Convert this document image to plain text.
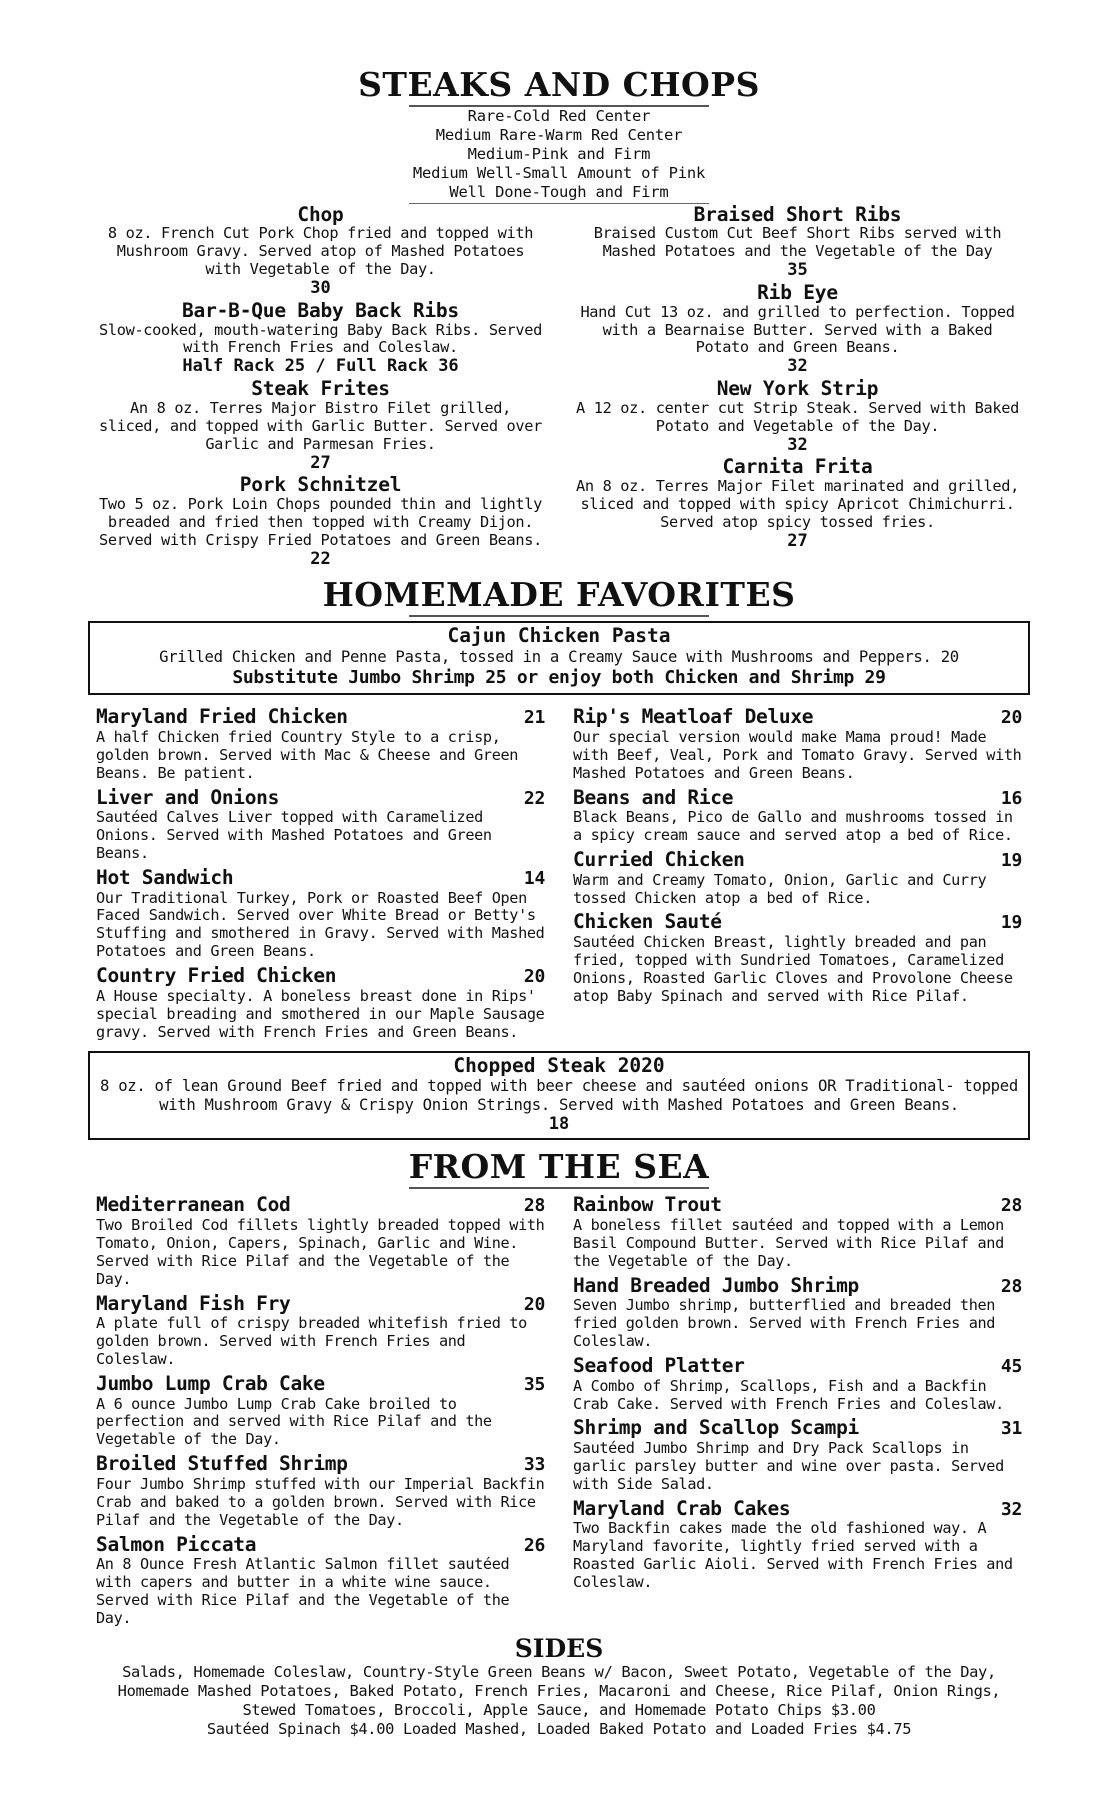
STEAKS AND CHOPS
Rare-Cold Red Center
Medium Rare-Warm Red Center
Medium-Pink and Firm
Medium Well-Small Amount of Pink
Well Done-Tough and Firm
Chop
8 oz. French Cut Pork Chop fried and topped with Mushroom Gravy. Served atop of Mashed Potatoes with Vegetable of the Day.
30
Bar-B-Que Baby Back Ribs
Slow-cooked, mouth-watering Baby Back Ribs. Served with French Fries and Coleslaw.
Half Rack 25 / Full Rack 36
Steak Frites
An 8 oz. Terres Major Bistro Filet grilled, sliced, and topped with Garlic Butter. Served over Garlic and Parmesan Fries.
27
Pork Schnitzel
Two 5 oz. Pork Loin Chops pounded thin and lightly breaded and fried then topped with Creamy Dijon. Served with Crispy Fried Potatoes and Green Beans.
22
Braised Short Ribs
Braised Custom Cut Beef Short Ribs served with Mashed Potatoes and the Vegetable of the Day
35
Rib Eye
Hand Cut 13 oz. and grilled to perfection. Topped with a Bearnaise Butter. Served with a Baked Potato and Green Beans.
32
New York Strip
A 12 oz. center cut Strip Steak. Served with Baked Potato and Vegetable of the Day.
32
Carnita Frita
An 8 oz. Terres Major Filet marinated and grilled, sliced and topped with spicy Apricot Chimichurri. Served atop spicy tossed fries.
27
HOMEMADE FAVORITES
Cajun Chicken Pasta
Grilled Chicken and Penne Pasta, tossed in a Creamy Sauce with Mushrooms and Peppers. 20
Substitute Jumbo Shrimp 25 or enjoy both Chicken and Shrimp 29
Maryland Fried Chicken	21
A half Chicken fried Country Style to a crisp, golden brown. Served with Mac & Cheese and Green Beans. Be patient.
Liver and Onions	22
Sautéed Calves Liver topped with Caramelized Onions. Served with Mashed Potatoes and Green Beans.
Hot Sandwich	14
Our Traditional Turkey, Pork or Roasted Beef Open Faced Sandwich. Served over White Bread or Betty's Stuffing and smothered in Gravy. Served with Mashed Potatoes and Green Beans.
Country Fried Chicken	20
A House specialty. A boneless breast done in Rips' special breading and smothered in our Maple Sausage gravy. Served with French Fries and Green Beans.
Rip's Meatloaf Deluxe	20
Our special version would make Mama proud! Made with Beef, Veal, Pork and Tomato Gravy. Served with Mashed Potatoes and Green Beans.
Beans and Rice	16
Black Beans, Pico de Gallo and mushrooms tossed in a spicy cream sauce and served atop a bed of Rice.
Curried Chicken	19
Warm and Creamy Tomato, Onion, Garlic and Curry tossed Chicken atop a bed of Rice.
Chicken Sauté	19
Sautéed Chicken Breast, lightly breaded and pan fried, topped with Sundried Tomatoes, Caramelized Onions, Roasted Garlic Cloves and Provolone Cheese atop Baby Spinach and served with Rice Pilaf.
Chopped Steak 2020
8 oz. of lean Ground Beef fried and topped with beer cheese and sautéed onions OR Traditional- topped with Mushroom Gravy & Crispy Onion Strings. Served with Mashed Potatoes and Green Beans.
18
FROM THE SEA
Mediterranean Cod	28
Two Broiled Cod fillets lightly breaded topped with Tomato, Onion, Capers, Spinach, Garlic and Wine. Served with Rice Pilaf and the Vegetable of the Day.
Maryland Fish Fry	20
A plate full of crispy breaded whitefish fried to golden brown. Served with French Fries and Coleslaw.
Jumbo Lump Crab Cake	35
A 6 ounce Jumbo Lump Crab Cake broiled to perfection and served with Rice Pilaf and the Vegetable of the Day.
Broiled Stuffed Shrimp	33
Four Jumbo Shrimp stuffed with our Imperial Backfin Crab and baked to a golden brown. Served with Rice Pilaf and the Vegetable of the Day.
Salmon Piccata	26
An 8 Ounce Fresh Atlantic Salmon fillet sautéed with capers and butter in a white wine sauce. Served with Rice Pilaf and the Vegetable of the Day.
Rainbow Trout	28
A boneless fillet sautéed and topped with a Lemon Basil Compound Butter. Served with Rice Pilaf and the Vegetable of the Day.
Hand Breaded Jumbo Shrimp	28
Seven Jumbo shrimp, butterflied and breaded then fried golden brown. Served with French Fries and Coleslaw.
Seafood Platter	45
A Combo of Shrimp, Scallops, Fish and a Backfin Crab Cake. Served with French Fries and Coleslaw.
Shrimp and Scallop Scampi	31
Sautéed Jumbo Shrimp and Dry Pack Scallops in garlic parsley butter and wine over pasta. Served with Side Salad.
Maryland Crab Cakes	32
Two Backfin cakes made the old fashioned way. A Maryland favorite, lightly fried served with a Roasted Garlic Aioli. Served with French Fries and Coleslaw.
SIDES
Salads, Homemade Coleslaw, Country-Style Green Beans w/ Bacon, Sweet Potato, Vegetable of the Day,
Homemade Mashed Potatoes, Baked Potato, French Fries, Macaroni and Cheese, Rice Pilaf, Onion Rings,
Stewed Tomatoes, Broccoli, Apple Sauce, and Homemade Potato Chips $3.00
Sautéed Spinach $4.00 Loaded Mashed, Loaded Baked Potato and Loaded Fries $4.75
